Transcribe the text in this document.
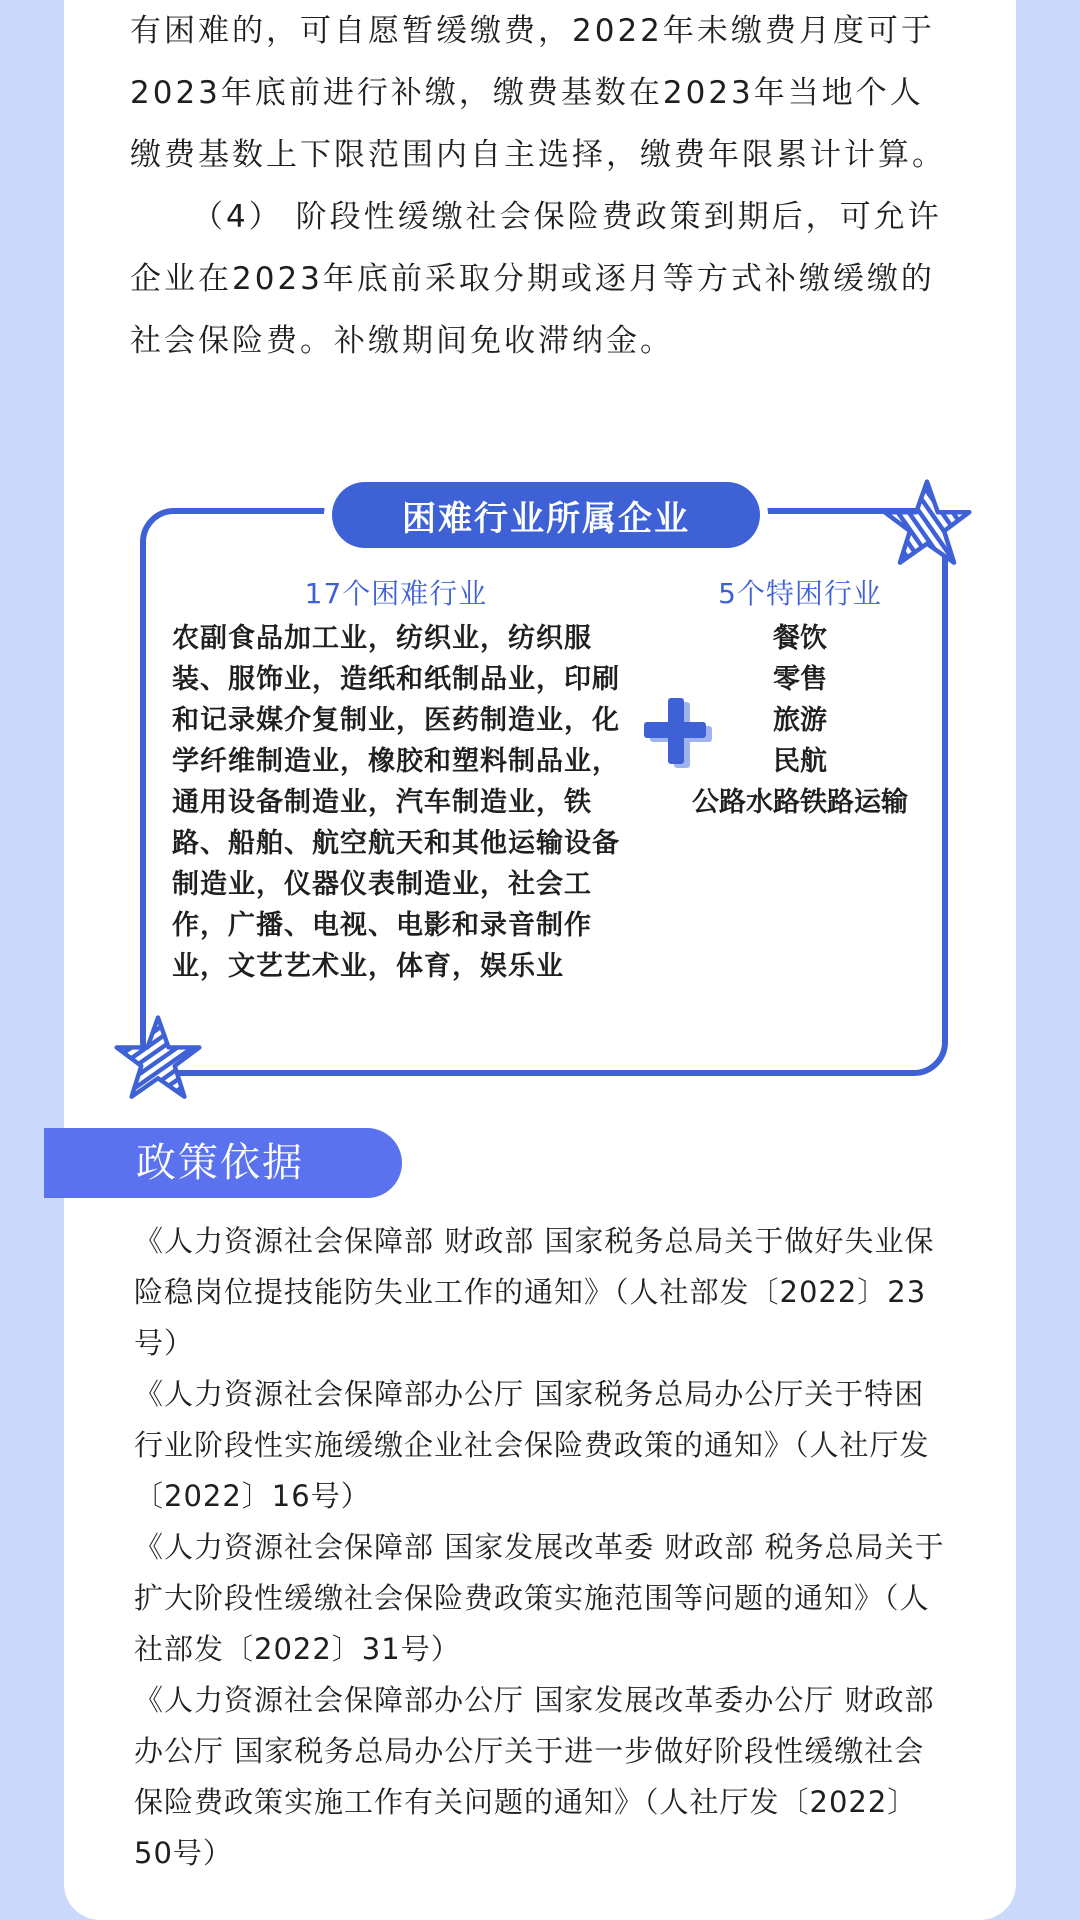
有困难的，可自愿暂缓缴费，2022年未缴费月度可于2023年底前进行补缴，缴费基数在2023年当地个人缴费基数上下限范围内自主选择，缴费年限累计计算。

（4） 阶段性缓缴社会保险费政策到期后，可允许企业在2023年底前采取分期或逐月等方式补缴缓缴的社会保险费。补缴期间免收滞纳金。

困难行业所属企业
17个困难行业

农副食品加工业，纺织业，纺织服装、服饰业，造纸和纸制品业，印刷和记录媒介复制业，医药制造业，化学纤维制造业，橡胶和塑料制品业，通用设备制造业，汽车制造业，铁路、船舶、航空航天和其他运输设备制造业，仪器仪表制造业，社会工作，广播、电视、电影和录音制作业，文艺艺术业，体育，娱乐业

5个特困行业

餐饮

零售

旅游

民航

公路水路铁路运输

政策依据

《人力资源社会保障部 财政部 国家税务总局关于做好失业保险稳岗位提技能防失业工作的通知》（人社部发〔2022〕23号）

《人力资源社会保障部办公厅 国家税务总局办公厅关于特困行业阶段性实施缓缴企业社会保险费政策的通知》（人社厅发〔2022〕16号）

《人力资源社会保障部 国家发展改革委 财政部 税务总局关于扩大阶段性缓缴社会保险费政策实施范围等问题的通知》（人社部发〔2022〕31号）

《人力资源社会保障部办公厅 国家发展改革委办公厅 财政部办公厅 国家税务总局办公厅关于进一步做好阶段性缓缴社会保险费政策实施工作有关问题的通知》（人社厅发〔2022〕50号）
